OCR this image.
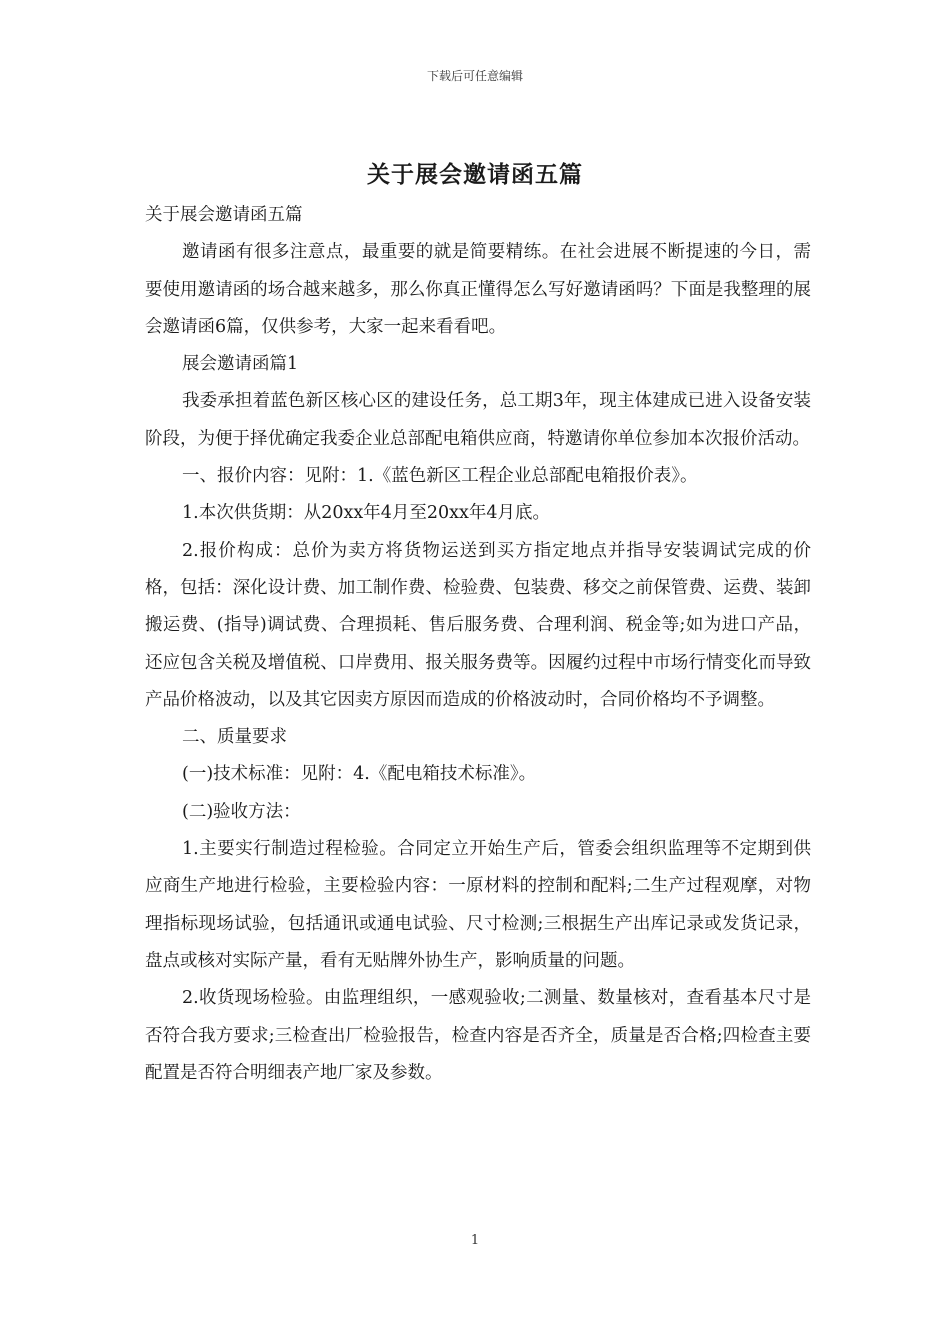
下载后可任意编辑
关于展会邀请函五篇

关于展会邀请函五篇

邀请函有很多注意点，最重要的就是简要精练。在社会进展不断提速的今日，需要使用邀请函的场合越来越多，那么你真正懂得怎么写好邀请函吗？下面是我整理的展会邀请函6篇，仅供参考，大家一起来看看吧。

展会邀请函篇1

我委承担着蓝色新区核心区的建设任务，总工期3年，现主体建成已进入设备安装阶段，为便于择优确定我委企业总部配电箱供应商，特邀请你单位参加本次报价活动。

一、报价内容：见附：1.《蓝色新区工程企业总部配电箱报价表》。

1.本次供货期：从20xx年4月至20xx年4月底。

2.报价构成：总价为卖方将货物运送到买方指定地点并指导安装调试完成的价格，包括：深化设计费、加工制作费、检验费、包装费、移交之前保管费、运费、装卸搬运费、(指导)调试费、合理损耗、售后服务费、合理利润、税金等;如为进口产品，还应包含关税及增值税、口岸费用、报关服务费等。因履约过程中市场行情变化而导致产品价格波动，以及其它因卖方原因而造成的价格波动时，合同价格均不予调整。

二、质量要求

(一)技术标准：见附：4.《配电箱技术标准》。

(二)验收方法：

1.主要实行制造过程检验。合同定立开始生产后，管委会组织监理等不定期到供应商生产地进行检验，主要检验内容：一原材料的控制和配料;二生产过程观摩，对物理指标现场试验，包括通讯或通电试验、尺寸检测;三根据生产出库记录或发货记录，盘点或核对实际产量，看有无贴牌外协生产，影响质量的问题。

2.收货现场检验。由监理组织，一感观验收;二测量、数量核对，查看基本尺寸是否符合我方要求;三检查出厂检验报告，检查内容是否齐全，质量是否合格;四检查主要配置是否符合明细表产地厂家及参数。

1
